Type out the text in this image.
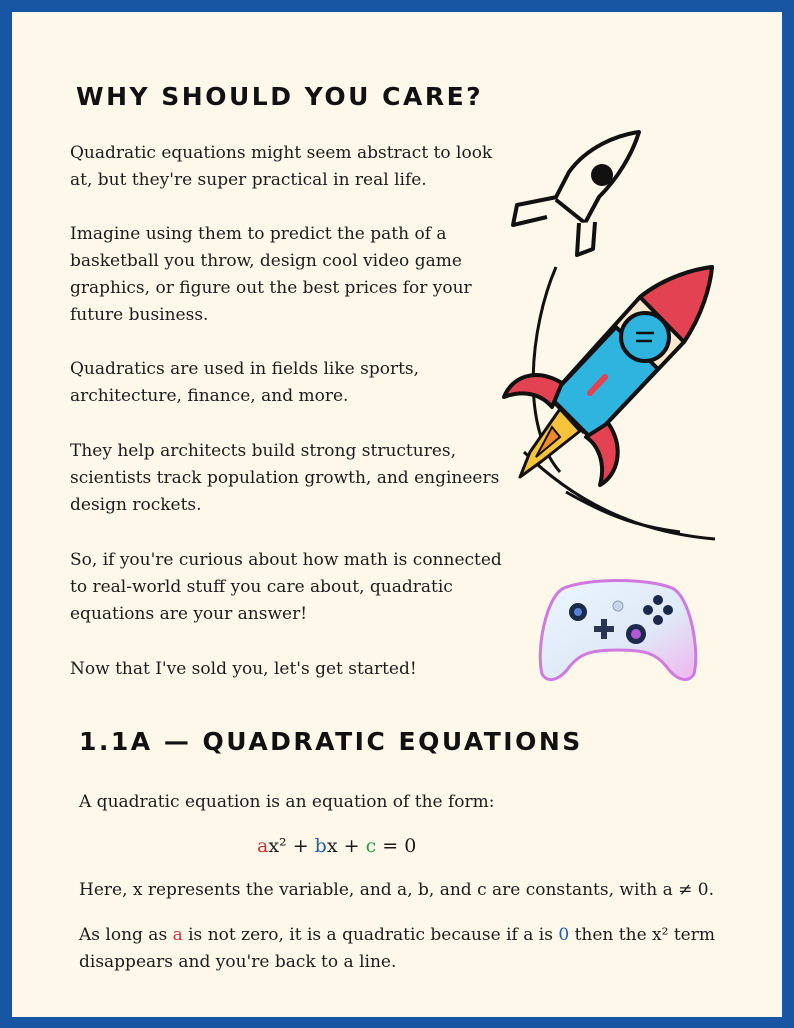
WHY SHOULD YOU CARE?

Quadratic equations might seem abstract to look
at, but they're super practical in real life.

Imagine using them to predict the path of a
basketball you throw, design cool video game
graphics, or figure out the best prices for your
future business.

Quadratics are used in fields like sports,
architecture, finance, and more.

They help architects build strong structures,
scientists track population growth, and engineers
design rockets.

So, if you're curious about how math is connected
to real-world stuff you care about, quadratic
equations are your answer!

Now that I've sold you, let's get started!

1.1A — QUADRATIC EQUATIONS

A quadratic equation is an equation of the form:

ax² + bx + c = 0

Here, x represents the variable, and a, b, and c are constants, with a ≠ 0.

As long as a is not zero, it is a quadratic because if a is 0 then the x² term
disappears and you're back to a line.
